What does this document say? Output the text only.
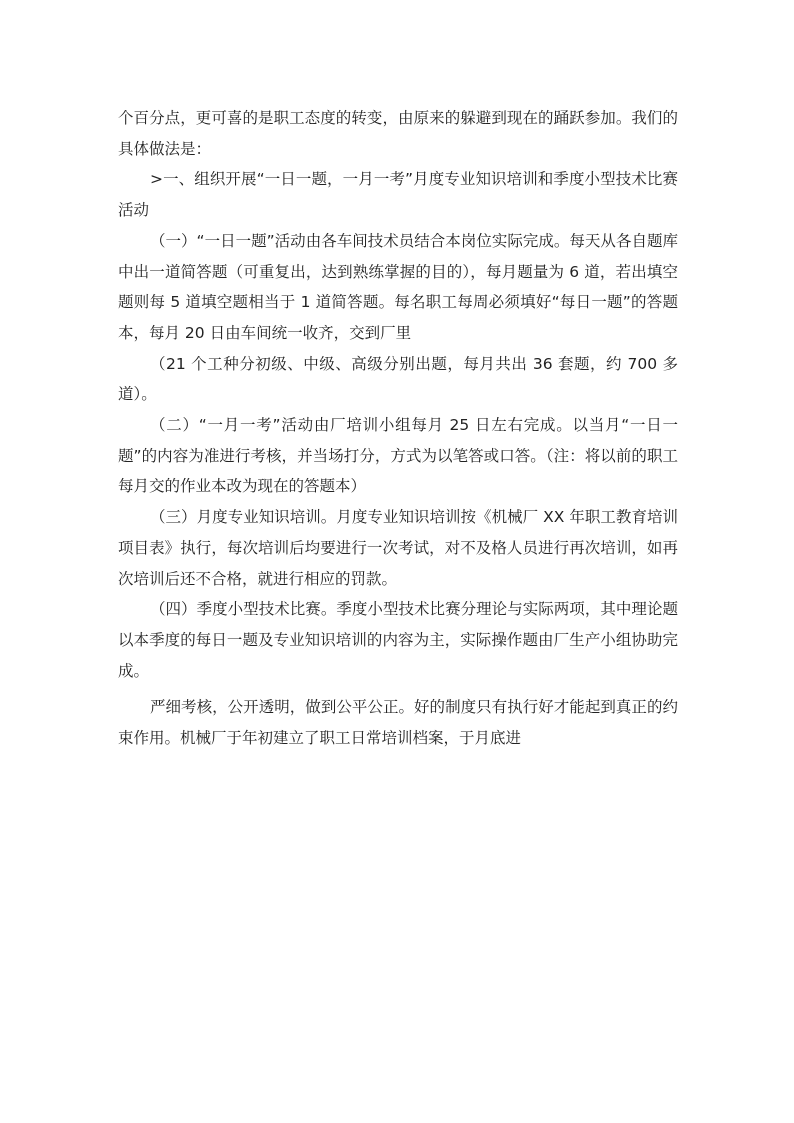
个百分点，更可喜的是职工态度的转变，由原来的躲避到现在的踊跃参加。我们的具体做法是：

>一、组织开展“一日一题，一月一考”月度专业知识培训和季度小型技术比赛活动

（一）“一日一题”活动由各车间技术员结合本岗位实际完成。每天从各自题库中出一道简答题（可重复出，达到熟练掌握的目的），每月题量为 6 道，若出填空题则每 5 道填空题相当于 1 道简答题。每名职工每周必须填好“每日一题”的答题本，每月 20 日由车间统一收齐，交到厂里

（21 个工种分初级、中级、高级分别出题，每月共出 36 套题，约 700 多道）。

（二）“一月一考”活动由厂培训小组每月 25 日左右完成。以当月“一日一题”的内容为准进行考核，并当场打分，方式为以笔答或口答。（注：将以前的职工每月交的作业本改为现在的答题本）

（三）月度专业知识培训。月度专业知识培训按《机械厂 XX 年职工教育培训项目表》执行，每次培训后均要进行一次考试，对不及格人员进行再次培训，如再次培训后还不合格，就进行相应的罚款。

（四）季度小型技术比赛。季度小型技术比赛分理论与实际两项，其中理论题以本季度的每日一题及专业知识培训的内容为主，实际操作题由厂生产小组协助完成。

严细考核，公开透明，做到公平公正。好的制度只有执行好才能起到真正的约束作用。机械厂于年初建立了职工日常培训档案，于月底进
